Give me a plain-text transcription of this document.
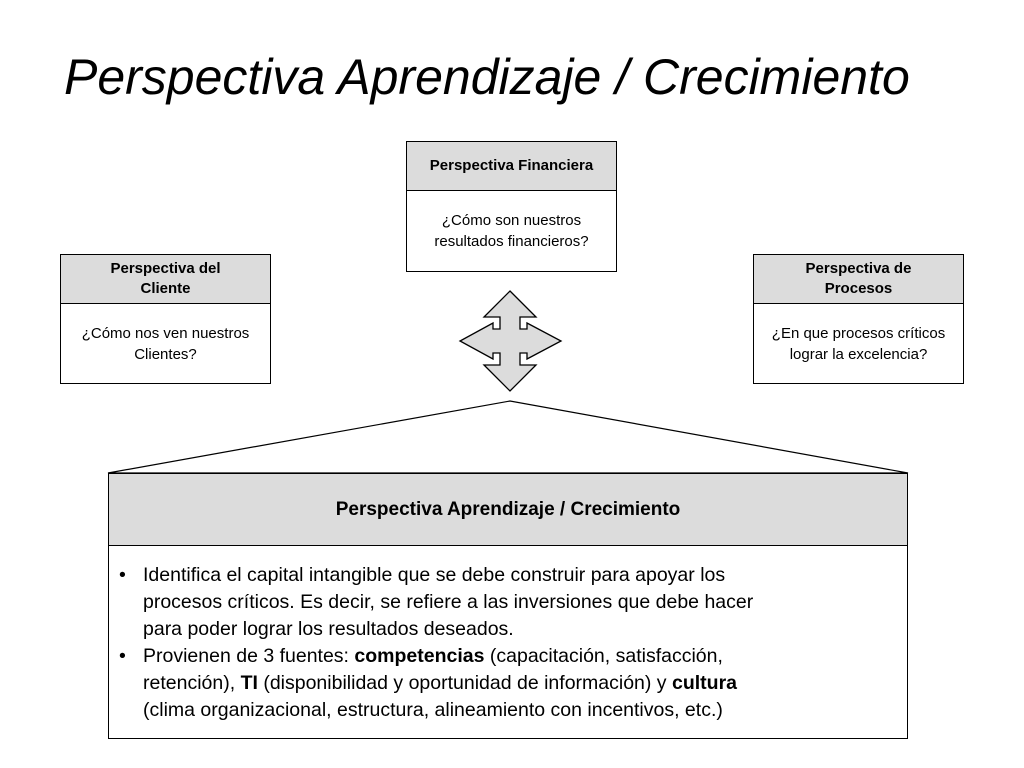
Perspectiva Aprendizaje / Crecimiento
Perspectiva Financiera
¿Cómo son nuestros
resultados financieros?
Perspectiva del
Cliente
¿Cómo nos ven nuestros
Clientes?
Perspectiva de
Procesos
¿En que procesos críticos
lograr la excelencia?
Perspectiva Aprendizaje / Crecimiento
• Identifica el capital intangible que se debe construir para apoyar los
procesos críticos. Es decir, se refiere a las inversiones que debe hacer
para poder lograr los resultados deseados.
• Provienen de 3 fuentes: competencias (capacitación, satisfacción,
retención), TI (disponibilidad y oportunidad de información) y cultura
(clima organizacional, estructura, alineamiento con incentivos, etc.)
